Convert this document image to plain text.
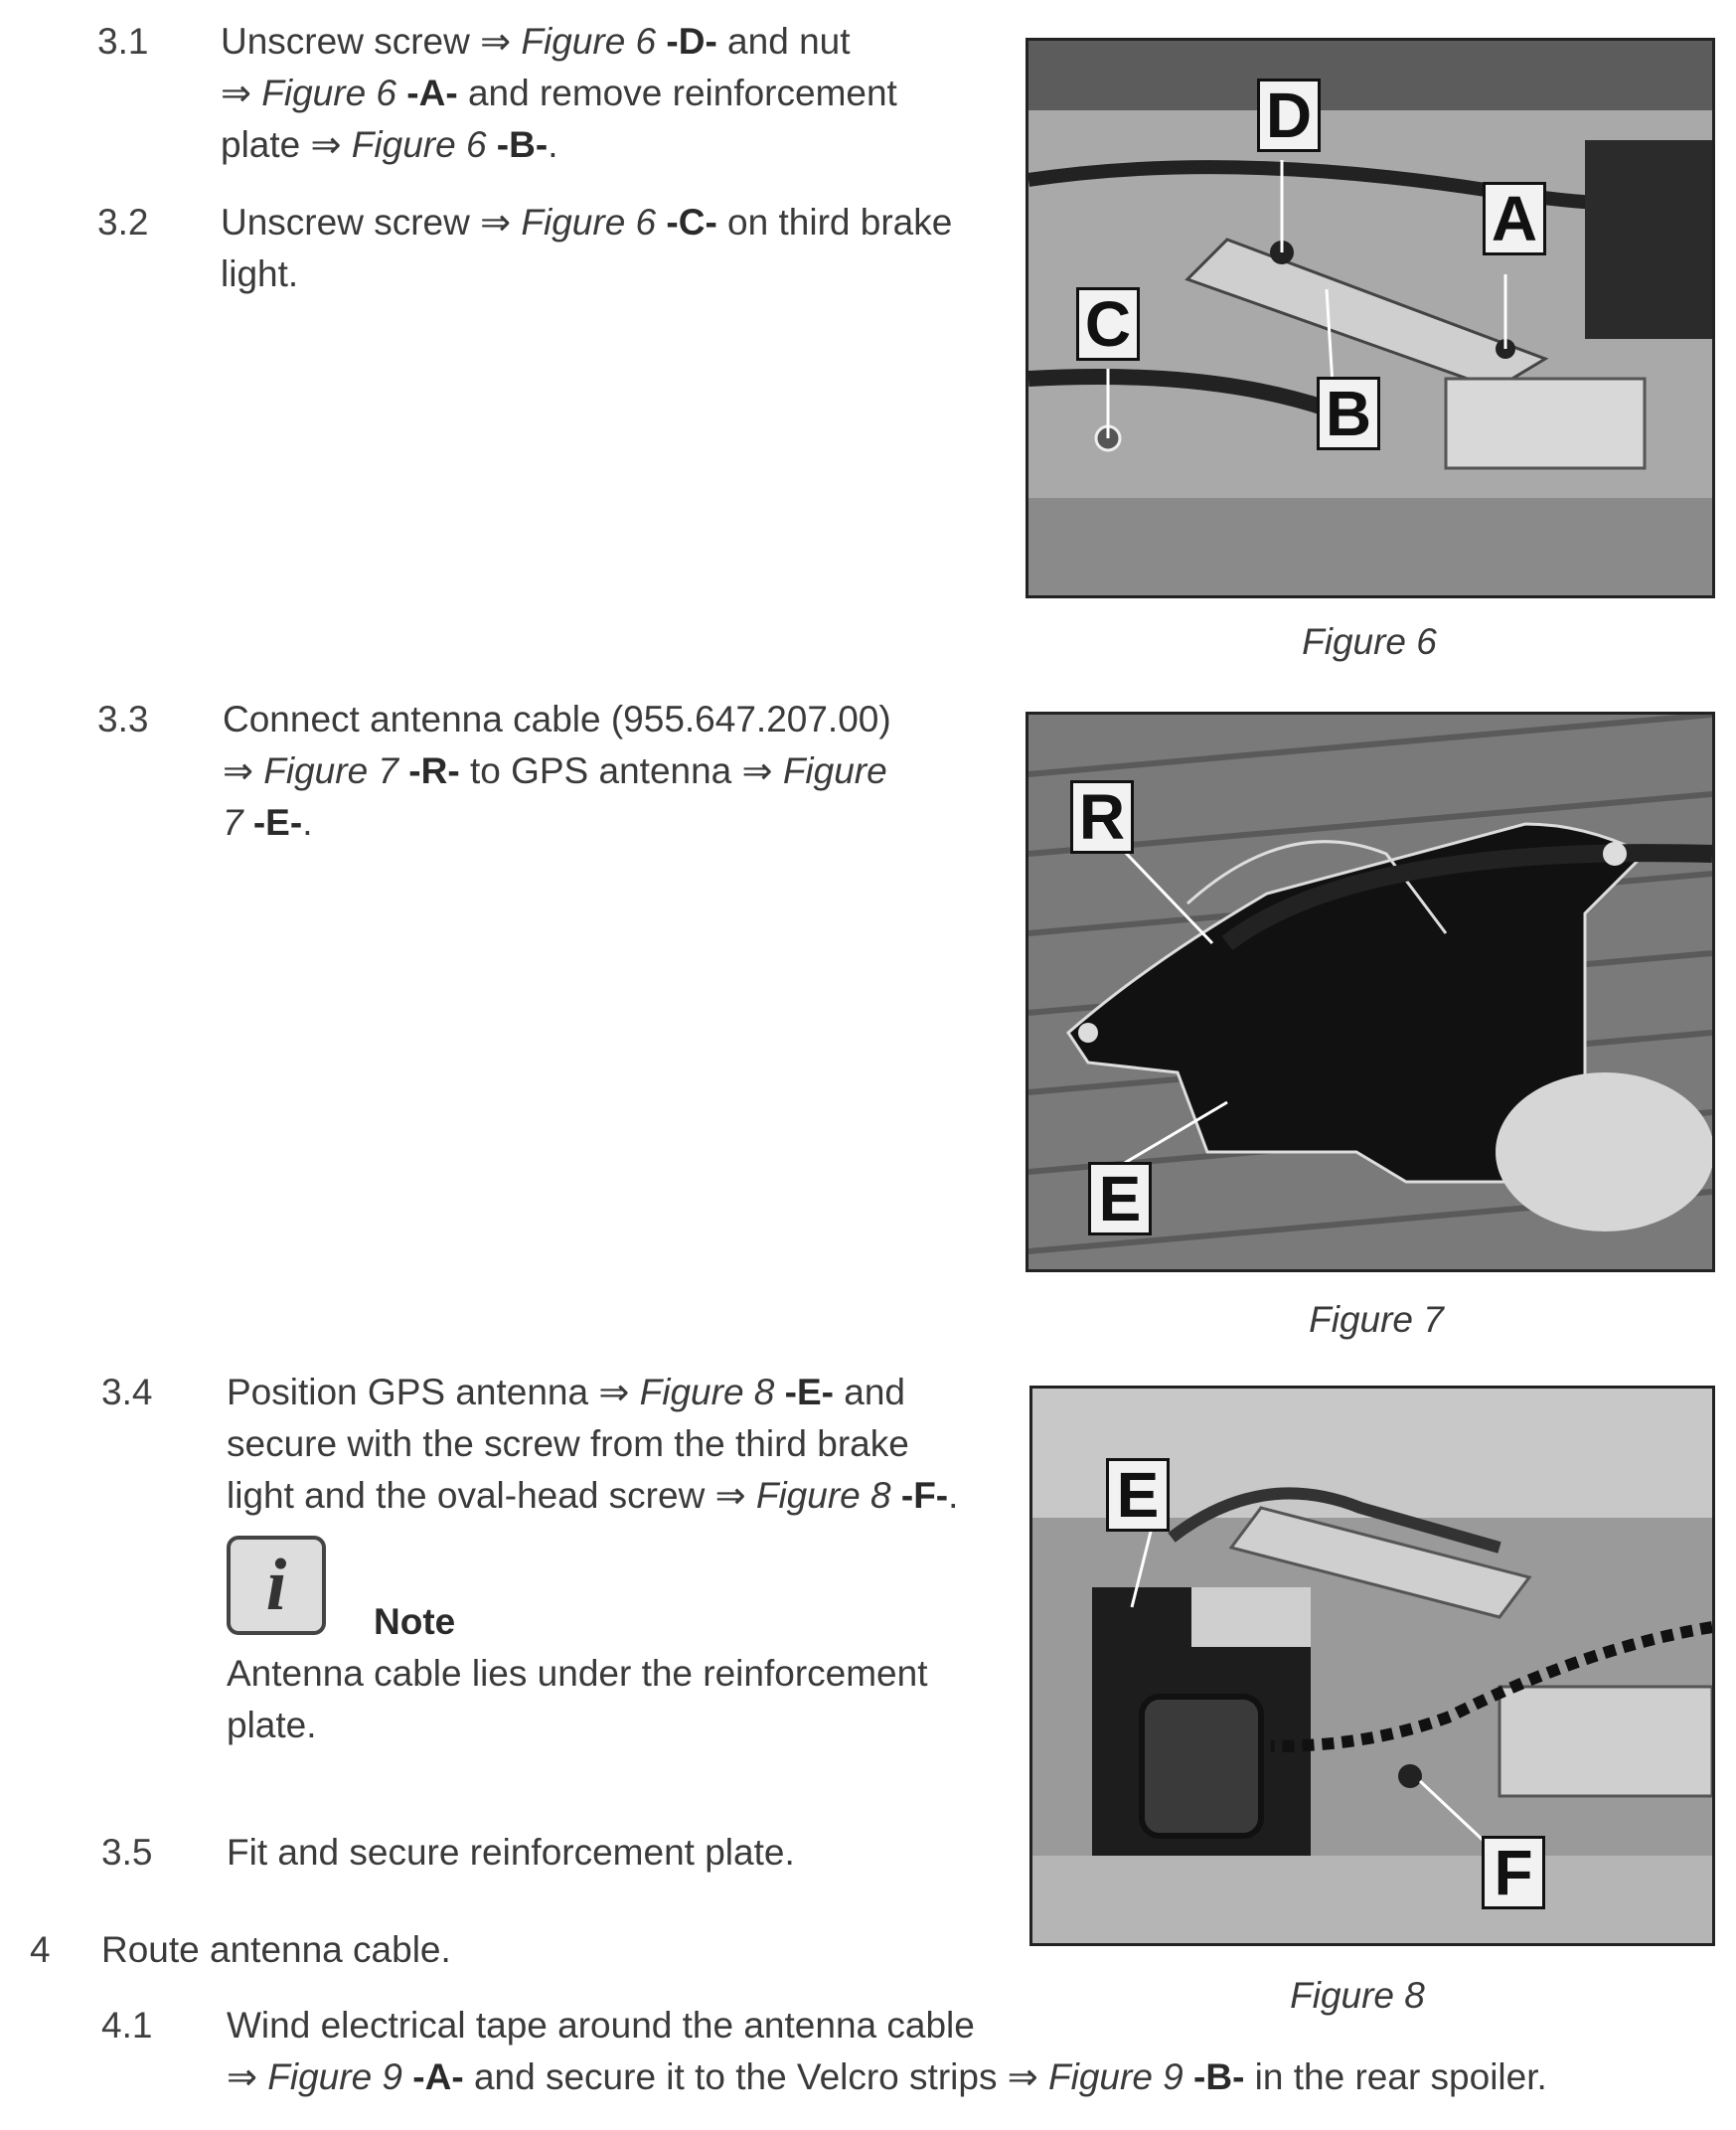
3.1 Unscrew screw ⇒ Figure 6 -D- and nut
⇒ Figure 6 -A- and remove reinforcement
plate ⇒ Figure 6 -B-.
3.2 Unscrew screw ⇒ Figure 6 -C- on third brake
light.
3.3 Connect antenna cable (955.647.207.00)
⇒ Figure 7 -R- to GPS antenna ⇒ Figure
7 -E-.
3.4 Position GPS antenna ⇒ Figure 8 -E- and
secure with the screw from the third brake
light and the oval-head screw ⇒ Figure 8 -F-.
i	Note
Antenna cable lies under the reinforcement
plate.
3.5 Fit and secure reinforcement plate.
4 Route antenna cable.
4.1 Wind electrical tape around the antenna cable
⇒ Figure 9 -A- and secure it to the Velcro strips ⇒ Figure 9 -B- in the rear spoiler.
D
A
C
B
Figure 6
R
E
Figure 7
E
F
Figure 8
